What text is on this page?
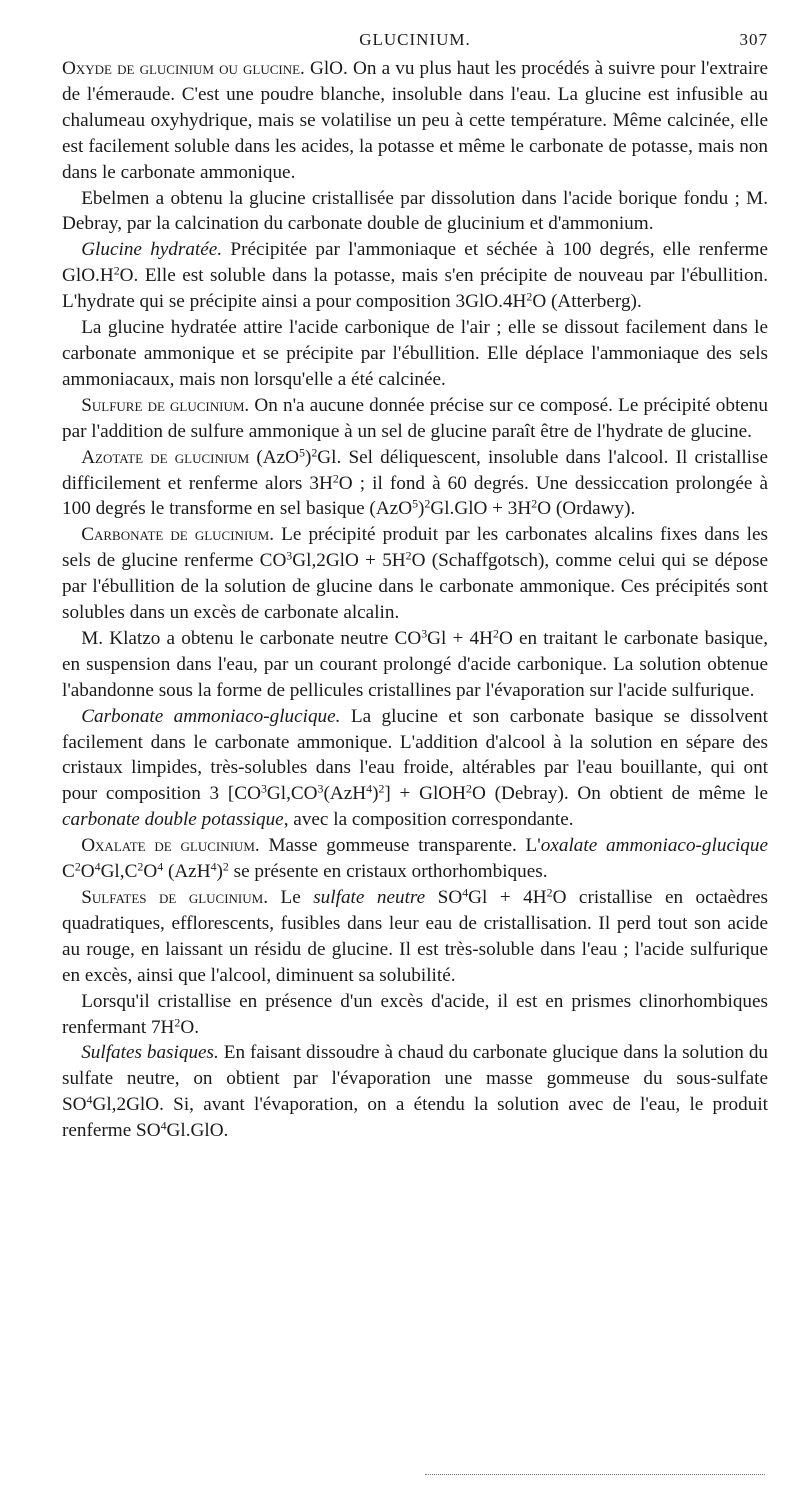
GLUCINIUM.	307

Oxyde de glucinium ou glucine. GlO. On a vu plus haut les procédés à suivre pour l'extraire de l'émeraude. C'est une poudre blanche, insoluble dans l'eau. La glucine est infusible au chalumeau oxyhydrique, mais se volatilise un peu à cette température. Même calcinée, elle est facilement soluble dans les acides, la potasse et même le carbonate de potasse, mais non dans le carbonate ammonique.

 Ebelmen a obtenu la glucine cristallisée par dissolution dans l'acide borique fondu ; M. Debray, par la calcination du carbonate double de glucinium et d'ammonium.

 Glucine hydratée. Précipitée par l'ammoniaque et séchée à 100 degrés, elle renferme $GlO.H^2O$. Elle est soluble dans la potasse, mais s'en précipite de nouveau par l'ébullition. L'hydrate qui se précipite ainsi a pour composition $3GlO.4H^2O$ (Atterberg).

 La glucine hydratée attire l'acide carbonique de l'air ; elle se dissout facilement dans le carbonate ammonique et se précipite par l'ébullition. Elle déplace l'ammoniaque des sels ammoniacaux, mais non lorsqu'elle a été calcinée.

 Sulfure de glucinium. On n'a aucune donnée précise sur ce composé. Le précipité obtenu par l'addition de sulfure ammonique à un sel de glucine paraît être de l'hydrate de glucine.

 Azotate de glucinium $(AzO^5)^2Gl$. Sel déliquescent, insoluble dans l'alcool. Il cristallise difficilement et renferme alors $3H^2O$ ; il fond à 60 degrés. Une dessiccation prolongée à 100 degrés le transforme en sel basique $(AzO^5)^2Gl.GlO + 3H^2O$ (Ordawy).

 Carbonate de glucinium. Le précipité produit par les carbonates alcalins fixes dans les sels de glucine renferme $CO^3Gl,2GlO + 5H^2O$ (Schaffgotsch), comme celui qui se dépose par l'ébullition de la solution de glucine dans le carbonate ammonique. Ces précipités sont solubles dans un excès de carbonate alcalin.

 M. Klatzo a obtenu le carbonate neutre $CO^3Gl + 4H^2O$ en traitant le carbonate basique, en suspension dans l'eau, par un courant prolongé d'acide carbonique. La solution obtenue l'abandonne sous la forme de pellicules cristallines par l'évaporation sur l'acide sulfurique.

 Carbonate ammoniaco-glucique. La glucine et son carbonate basique se dissolvent facilement dans le carbonate ammonique. L'addition d'alcool à la solution en sépare des cristaux limpides, très-solubles dans l'eau froide, altérables par l'eau bouillante, qui ont pour composition 3 $[CO^3Gl,CO^3(AzH^4)^2]$ + GlOH$^2$O (Debray). On obtient de même le carbonate double potassique, avec la composition correspondante.

 Oxalate de glucinium. Masse gommeuse transparente. L'oxalate ammoniaco-glucique $C^2O^4Gl,C^2O^4$ $(AzH^4)^2$ se présente en cristaux orthorhombiques.

 Sulfates de glucinium. Le sulfate neutre $SO^4Gl + 4H^2O$ cristallise en octaèdres quadratiques, efflorescents, fusibles dans leur eau de cristallisation. Il perd tout son acide au rouge, en laissant un résidu de glucine. Il est très-soluble dans l'eau ; l'acide sulfurique en excès, ainsi que l'alcool, diminuent sa solubilité.

 Lorsqu'il cristallise en présence d'un excès d'acide, il est en prismes clinorhombiques renfermant $7H^2O$.

 Sulfates basiques. En faisant dissoudre à chaud du carbonate glucique dans la solution du sulfate neutre, on obtient par l'évaporation une masse gommeuse du sous-sulfate $SO^4Gl,2GlO$. Si, avant l'évaporation, on a étendu la solution avec de l'eau, le produit renferme $SO^4Gl.GlO$.
